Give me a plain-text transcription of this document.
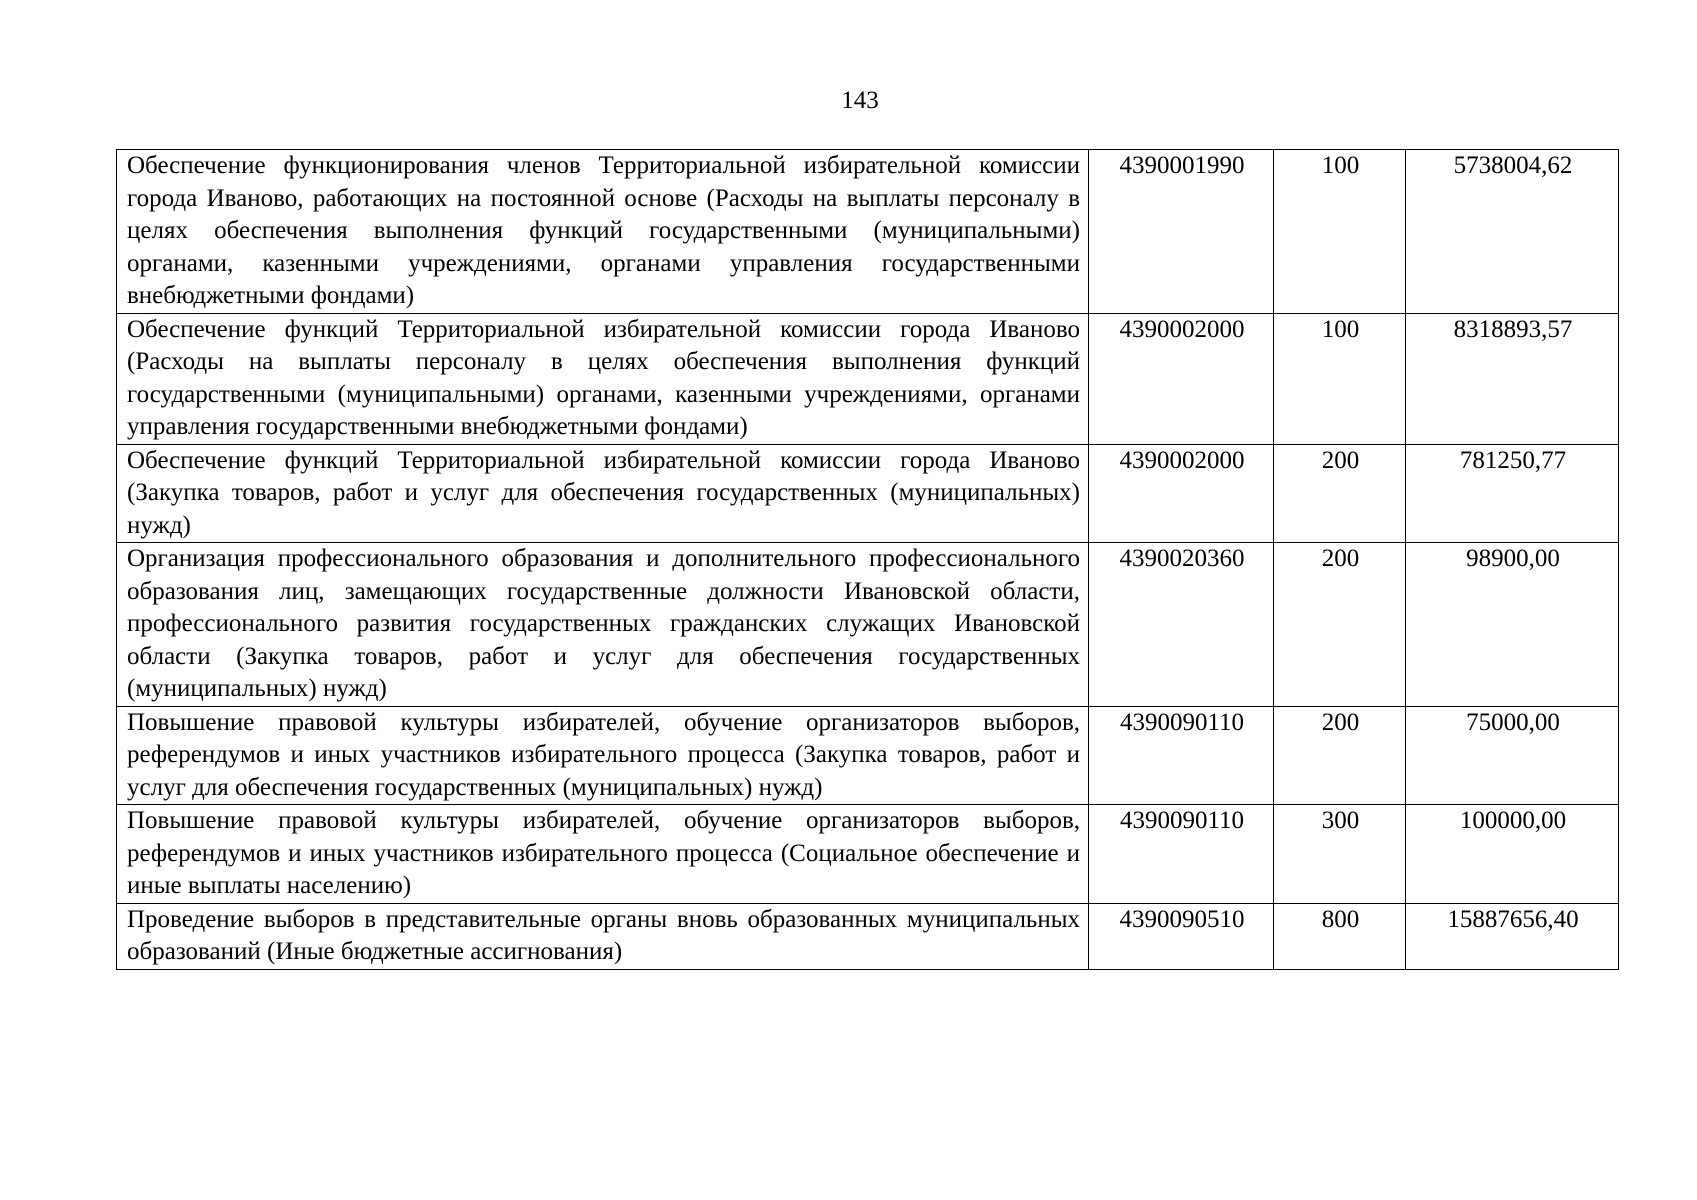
143
Обеспечение функционирования членов Территориальной избирательной комиссии города Иваново, работающих на постоянной основе (Расходы на выплаты персоналу в целях обеспечения выполнения функций государственными (муниципальными) органами, казенными учреждениями, органами управления государственными внебюджетными фондами)	4390001990	100	5738004,62
Обеспечение функций Территориальной избирательной комиссии города Иваново (Расходы на выплаты персоналу в целях обеспечения выполнения функций государственными (муниципальными) органами, казенными учреждениями, органами управления государственными внебюджетными фондами)	4390002000	100	8318893,57
Обеспечение функций Территориальной избирательной комиссии города Иваново (Закупка товаров, работ и услуг для обеспечения государственных (муниципальных) нужд)	4390002000	200	781250,77
Организация профессионального образования и дополнительного профессионального образования лиц, замещающих государственные должности Ивановской области, профессионального развития государственных гражданских служащих Ивановской области (Закупка товаров, работ и услуг для обеспечения государственных (муниципальных) нужд)	4390020360	200	98900,00
Повышение правовой культуры избирателей, обучение организаторов выборов, референдумов и иных участников избирательного процесса (Закупка товаров, работ и услуг для обеспечения государственных (муниципальных) нужд)	4390090110	200	75000,00
Повышение правовой культуры избирателей, обучение организаторов выборов, референдумов и иных участников избирательного процесса (Социальное обеспечение и иные выплаты населению)	4390090110	300	100000,00
Проведение выборов в представительные органы вновь образованных муниципальных образований (Иные бюджетные ассигнования)	4390090510	800	15887656,40
